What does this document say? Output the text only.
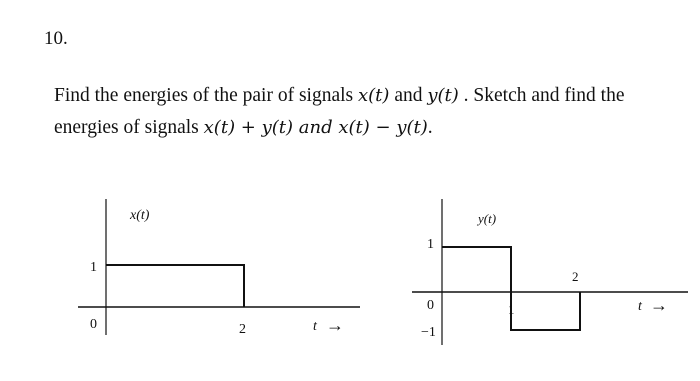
10.
Find the energies of the pair of signals x(t) and y(t) . Sketch and find the
energies of signals x(t) + y(t) and x(t) − y(t).
x(t)
1
0	2	t →
y(t)
1
0
−1
1
2
t →
